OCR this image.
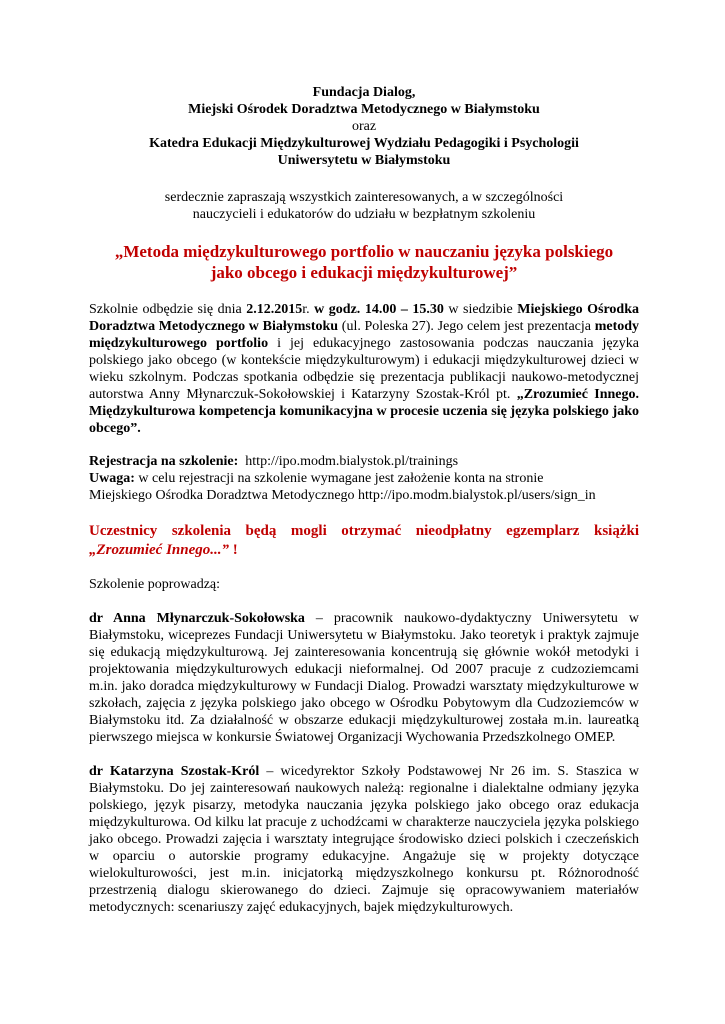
Fundacja Dialog,
Miejski Ośrodek Doradztwa Metodycznego w Białymstoku
oraz
Katedra Edukacji Międzykulturowej Wydziału Pedagogiki i Psychologii
Uniwersytetu w Białymstoku
serdecznie zapraszają wszystkich zainteresowanych, a w szczególności
nauczycieli i edukatorów do udziału w bezpłatnym szkoleniu
„Metoda międzykulturowego portfolio w nauczaniu języka polskiego
jako obcego i edukacji międzykulturowej”

Szkolnie odbędzie się dnia 2.12.2015r. w godz. 14.00 – 15.30 w siedzibie Miejskiego Ośrodka Doradztwa Metodycznego w Białymstoku (ul. Poleska 27). Jego celem jest prezentacja metody międzykulturowego portfolio i jej edukacyjnego zastosowania podczas nauczania języka polskiego jako obcego (w kontekście międzykulturowym) i edukacji międzykulturowej dzieci w wieku szkolnym. Podczas spotkania odbędzie się prezentacja publikacji naukowo-metodycznej autorstwa Anny Młynarczuk-Sokołowskiej i Katarzyny Szostak-Król pt. „Zrozumieć Innego. Międzykulturowa kompetencja komunikacyjna w procesie uczenia się języka polskiego jako obcego”.

Rejestracja na szkolenie: http://ipo.modm.bialystok.pl/trainings
Uwaga: w celu rejestracji na szkolenie wymagane jest założenie konta na stronie
Miejskiego Ośrodka Doradztwa Metodycznego http://ipo.modm.bialystok.pl/users/sign_in
Uczestnicy szkolenia będą mogli otrzymać nieodpłatny egzemplarz książki „Zrozumieć Innego...” !
Szkolenie poprowadzą:

dr Anna Młynarczuk-Sokołowska – pracownik naukowo-dydaktyczny Uniwersytetu w Białymstoku, wiceprezes Fundacji Uniwersytetu w Białymstoku. Jako teoretyk i praktyk zajmuje się edukacją międzykulturową. Jej zainteresowania koncentrują się głównie wokół metodyki i projektowania międzykulturowych edukacji nieformalnej. Od 2007 pracuje z cudzoziemcami m.in. jako doradca międzykulturowy w Fundacji Dialog. Prowadzi warsztaty międzykulturowe w szkołach, zajęcia z języka polskiego jako obcego w Ośrodku Pobytowym dla Cudzoziemców w Białymstoku itd. Za działalność w obszarze edukacji międzykulturowej została m.in. laureatką pierwszego miejsca w konkursie Światowej Organizacji Wychowania Przedszkolnego OMEP.

dr Katarzyna Szostak-Król – wicedyrektor Szkoły Podstawowej Nr 26 im. S. Staszica w Białymstoku. Do jej zainteresowań naukowych należą: regionalne i dialektalne odmiany języka polskiego, język pisarzy, metodyka nauczania języka polskiego jako obcego oraz edukacja międzykulturowa. Od kilku lat pracuje z uchodźcami w charakterze nauczyciela języka polskiego jako obcego. Prowadzi zajęcia i warsztaty integrujące środowisko dzieci polskich i czeczeńskich w oparciu o autorskie programy edukacyjne. Angażuje się w projekty dotyczące wielokulturowości, jest m.in. inicjatorką międzyszkolnego konkursu pt. Różnorodność przestrzenią dialogu skierowanego do dzieci. Zajmuje się opracowywaniem materiałów metodycznych: scenariuszy zajęć edukacyjnych, bajek międzykulturowych.
